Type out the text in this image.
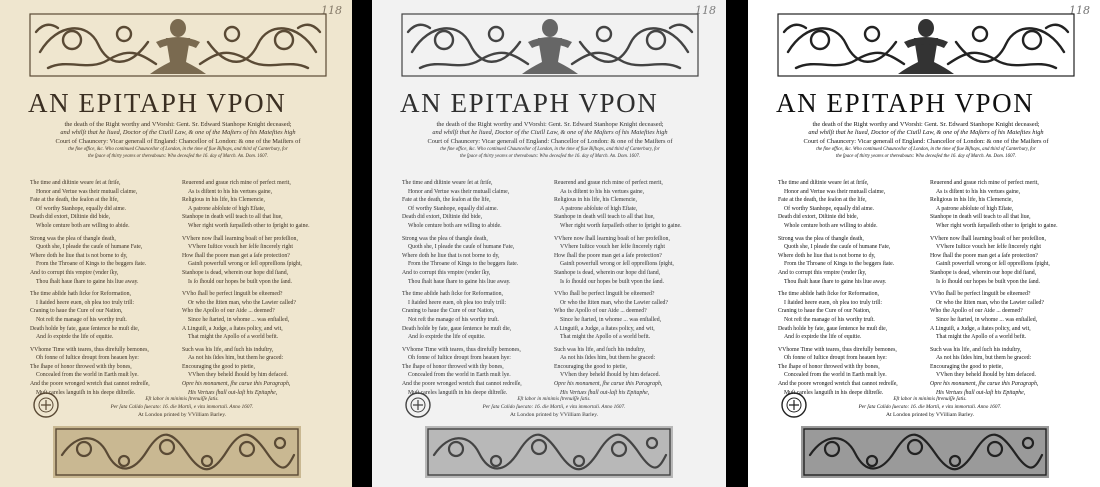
118
AN EPITAPH VPON
the death of the Right worthy and VVorshi: Gent. Sr. Edward Stanhope Knight deceased;
and whilſt that he liued, Doctor of the Ciuill Law, & one of the Maſters of his Maieſties high
Court of Chauncery: Vicar generall of England: Chancellor of London: & one of the Maiſters of
the fine office, &c. Who continued Chauncellor of London, in the time of fiue Biſhops, and third of Canterbury, for
the ſpace of thirty yeares or thereabouts: Who deceaſed the 16. day of March. An. Dom. 1607.
The time and diſtinie weare ſet at ſtriſe,
Honor and Vertue was their mutuall claime,
Fate at the death, the ſeaſon at the life,
Of worthy Stanhope, equally did aime.
Death did extort, Diſtinie did bide,
Whole centure both are willing to abide.
Strong was the plea of thangle death,
Quoth she, I pleade the cauſe of humane Fate,
Where doth he liue that is not borne to dy,
From the Throane of Kings to the beggers ſtate.
And to corrupt this vmpire (vnder ſky,
Thou ſhalt haue ſhare to gaine his liue away.
The time abſide hath ſicke for Reformation,
I ſtaided heere euen, oh plea too truly trill:
Craning to haue the Cure of our Nation,
Not reſt the manage of his worthy truſt.
Death holde by fate, gaue ſentence he muſt die,
And ſo expirde the life of equitie.
VVhome Time with teares, thus direfully bemones,
Oh fonne of Iuſtice droupt from heauen hye:
The ſhape of honor throwed with thy bones,
Concealed from the world in Earth muſt lye.
And the poore wronged wretch that cannot redreſſe,
Muſt careles languiſh in his deepe diſtreſſe.
Reuerend and graue rich mine of perfect merit,
As is diſtent to his his vertues gaine,
Religious in his life, his Clemencie,
A patrone abſolute of high Eſtate,
Stanhope in death will teach to all that liue,
Wher right worth ſurpaſſeth other to ſpright to gaine.
VVhere now ſhall learning boaſt of her profeſſion,
VVhere Iuſtice vouch her ſelfe ſincerely right
How ſhall the poore man get a ſafe protection?
Gainſt powerfull wrong or ſell oppreſſions ſpight,
Stanhope is dead, wherein our hope did ſtand,
Is ſo ſhould our hopes be built vpon the ſand.
VVho ſhall be perfect linguiſt be eſteemed?
Or who the ſtiten man, who the Lawier called?
Who the Apollo of our Aide ... deemed?
Since he ſtarted, in whome ... was enſtalled,
A Linguiſt, a Judge, a ſtates policy, and wit,
That might the Apollo of a world befit.
Such was his life, and ſuch his induſtry,
As not his ſides him, but them he graced:
Encouraging the good to pietie,
VVhen they beheld ſhould by him defaced.
Opre his monument, ſhe carue this Paragraph,
His Vertues ſhall out-laſt his Epitaphe,
Eſt labor in minimis ſtrenuiſſe ſatis.
Per ſata Calido ſuecato: 16. die Martii, e vita immortali. Anno 1607.
At London printed by VVilliam Barley.
118
AN EPITAPH VPON
the death of the Right worthy and VVorshi: Gent. Sr. Edward Stanhope Knight deceased;
and whilſt that he liued, Doctor of the Ciuill Law, & one of the Maſters of his Maieſties high
Court of Chauncery: Vicar generall of England: Chancellor of London: & one of the Maiſters of
the fine office, &c. Who continued Chauncellor of London, in the time of fiue Biſhops, and third of Canterbury, for
the ſpace of thirty yeares or thereabouts: Who deceaſed the 16. day of March. An. Dom. 1607.
The time and diſtinie weare ſet at ſtriſe,
Honor and Vertue was their mutuall claime,
Fate at the death, the ſeaſon at the life,
Of worthy Stanhope, equally did aime.
Death did extort, Diſtinie did bide,
Whole centure both are willing to abide.
Strong was the plea of thangle death,
Quoth she, I pleade the cauſe of humane Fate,
Where doth he liue that is not borne to dy,
From the Throane of Kings to the beggers ſtate.
And to corrupt this vmpire (vnder ſky,
Thou ſhalt haue ſhare to gaine his liue away.
The time abſide hath ſicke for Reformation,
I ſtaided heere euen, oh plea too truly trill:
Craning to haue the Cure of our Nation,
Not reſt the manage of his worthy truſt.
Death holde by fate, gaue ſentence he muſt die,
And ſo expirde the life of equitie.
VVhome Time with teares, thus direfully bemones,
Oh fonne of Iuſtice droupt from heauen hye:
The ſhape of honor throwed with thy bones,
Concealed from the world in Earth muſt lye.
And the poore wronged wretch that cannot redreſſe,
Muſt careles languiſh in his deepe diſtreſſe.
Reuerend and graue rich mine of perfect merit,
As is diſtent to his his vertues gaine,
Religious in his life, his Clemencie,
A patrone abſolute of high Eſtate,
Stanhope in death will teach to all that liue,
Wher right worth ſurpaſſeth other to ſpright to gaine.
VVhere now ſhall learning boaſt of her profeſſion,
VVhere Iuſtice vouch her ſelfe ſincerely right
How ſhall the poore man get a ſafe protection?
Gainſt powerfull wrong or ſell oppreſſions ſpight,
Stanhope is dead, wherein our hope did ſtand,
Is ſo ſhould our hopes be built vpon the ſand.
VVho ſhall be perfect linguiſt be eſteemed?
Or who the ſtiten man, who the Lawier called?
Who the Apollo of our Aide ... deemed?
Since he ſtarted, in whome ... was enſtalled,
A Linguiſt, a Judge, a ſtates policy, and wit,
That might the Apollo of a world befit.
Such was his life, and ſuch his induſtry,
As not his ſides him, but them he graced:
Encouraging the good to pietie,
VVhen they beheld ſhould by him defaced.
Opre his monument, ſhe carue this Paragraph,
His Vertues ſhall out-laſt his Epitaphe,
Eſt labor in minimis ſtrenuiſſe ſatis.
Per ſata Calido ſuecato: 16. die Martii, e vita immortali. Anno 1607.
At London printed by VVilliam Barley.
118
AN EPITAPH VPON
the death of the Right worthy and VVorshi: Gent. Sr. Edward Stanhope Knight deceased;
and whilſt that he liued, Doctor of the Ciuill Law, & one of the Maſters of his Maieſties high
Court of Chauncery: Vicar generall of England: Chancellor of London: & one of the Maiſters of
the fine office, &c. Who continued Chauncellor of London, in the time of fiue Biſhops, and third of Canterbury, for
the ſpace of thirty yeares or thereabouts: Who deceaſed the 16. day of March. An. Dom. 1607.
The time and diſtinie weare ſet at ſtriſe,
Honor and Vertue was their mutuall claime,
Fate at the death, the ſeaſon at the life,
Of worthy Stanhope, equally did aime.
Death did extort, Diſtinie did bide,
Whole centure both are willing to abide.
Strong was the plea of thangle death,
Quoth she, I pleade the cauſe of humane Fate,
Where doth he liue that is not borne to dy,
From the Throane of Kings to the beggers ſtate.
And to corrupt this vmpire (vnder ſky,
Thou ſhalt haue ſhare to gaine his liue away.
The time abſide hath ſicke for Reformation,
I ſtaided heere euen, oh plea too truly trill:
Craning to haue the Cure of our Nation,
Not reſt the manage of his worthy truſt.
Death holde by fate, gaue ſentence he muſt die,
And ſo expirde the life of equitie.
VVhome Time with teares, thus direfully bemones,
Oh fonne of Iuſtice droupt from heauen hye:
The ſhape of honor throwed with thy bones,
Concealed from the world in Earth muſt lye.
And the poore wronged wretch that cannot redreſſe,
Muſt careles languiſh in his deepe diſtreſſe.
Reuerend and graue rich mine of perfect merit,
As is diſtent to his his vertues gaine,
Religious in his life, his Clemencie,
A patrone abſolute of high Eſtate,
Stanhope in death will teach to all that liue,
Wher right worth ſurpaſſeth other to ſpright to gaine.
VVhere now ſhall learning boaſt of her profeſſion,
VVhere Iuſtice vouch her ſelfe ſincerely right
How ſhall the poore man get a ſafe protection?
Gainſt powerfull wrong or ſell oppreſſions ſpight,
Stanhope is dead, wherein our hope did ſtand,
Is ſo ſhould our hopes be built vpon the ſand.
VVho ſhall be perfect linguiſt be eſteemed?
Or who the ſtiten man, who the Lawier called?
Who the Apollo of our Aide ... deemed?
Since he ſtarted, in whome ... was enſtalled,
A Linguiſt, a Judge, a ſtates policy, and wit,
That might the Apollo of a world befit.
Such was his life, and ſuch his induſtry,
As not his ſides him, but them he graced:
Encouraging the good to pietie,
VVhen they beheld ſhould by him defaced.
Opre his monument, ſhe carue this Paragraph,
His Vertues ſhall out-laſt his Epitaphe,
Eſt labor in minimis ſtrenuiſſe ſatis.
Per ſata Calido ſuecato: 16. die Martii, e vita immortali. Anno 1607.
At London printed by VVilliam Barley.
